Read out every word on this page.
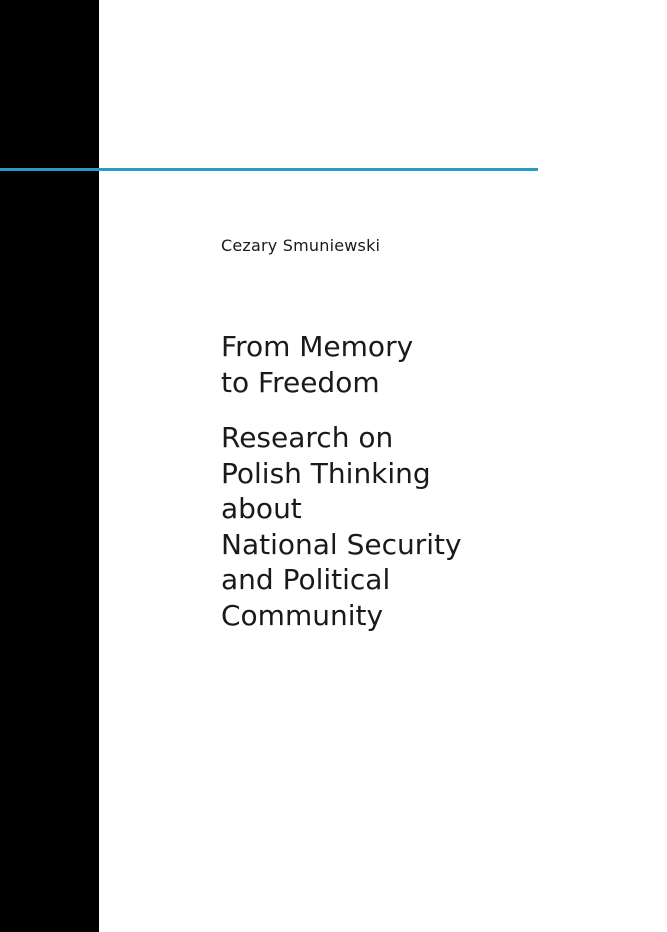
Cezary Smuniewski
From Memory
to Freedom
Research on
Polish Thinking
about
National Security
and Political
Community
